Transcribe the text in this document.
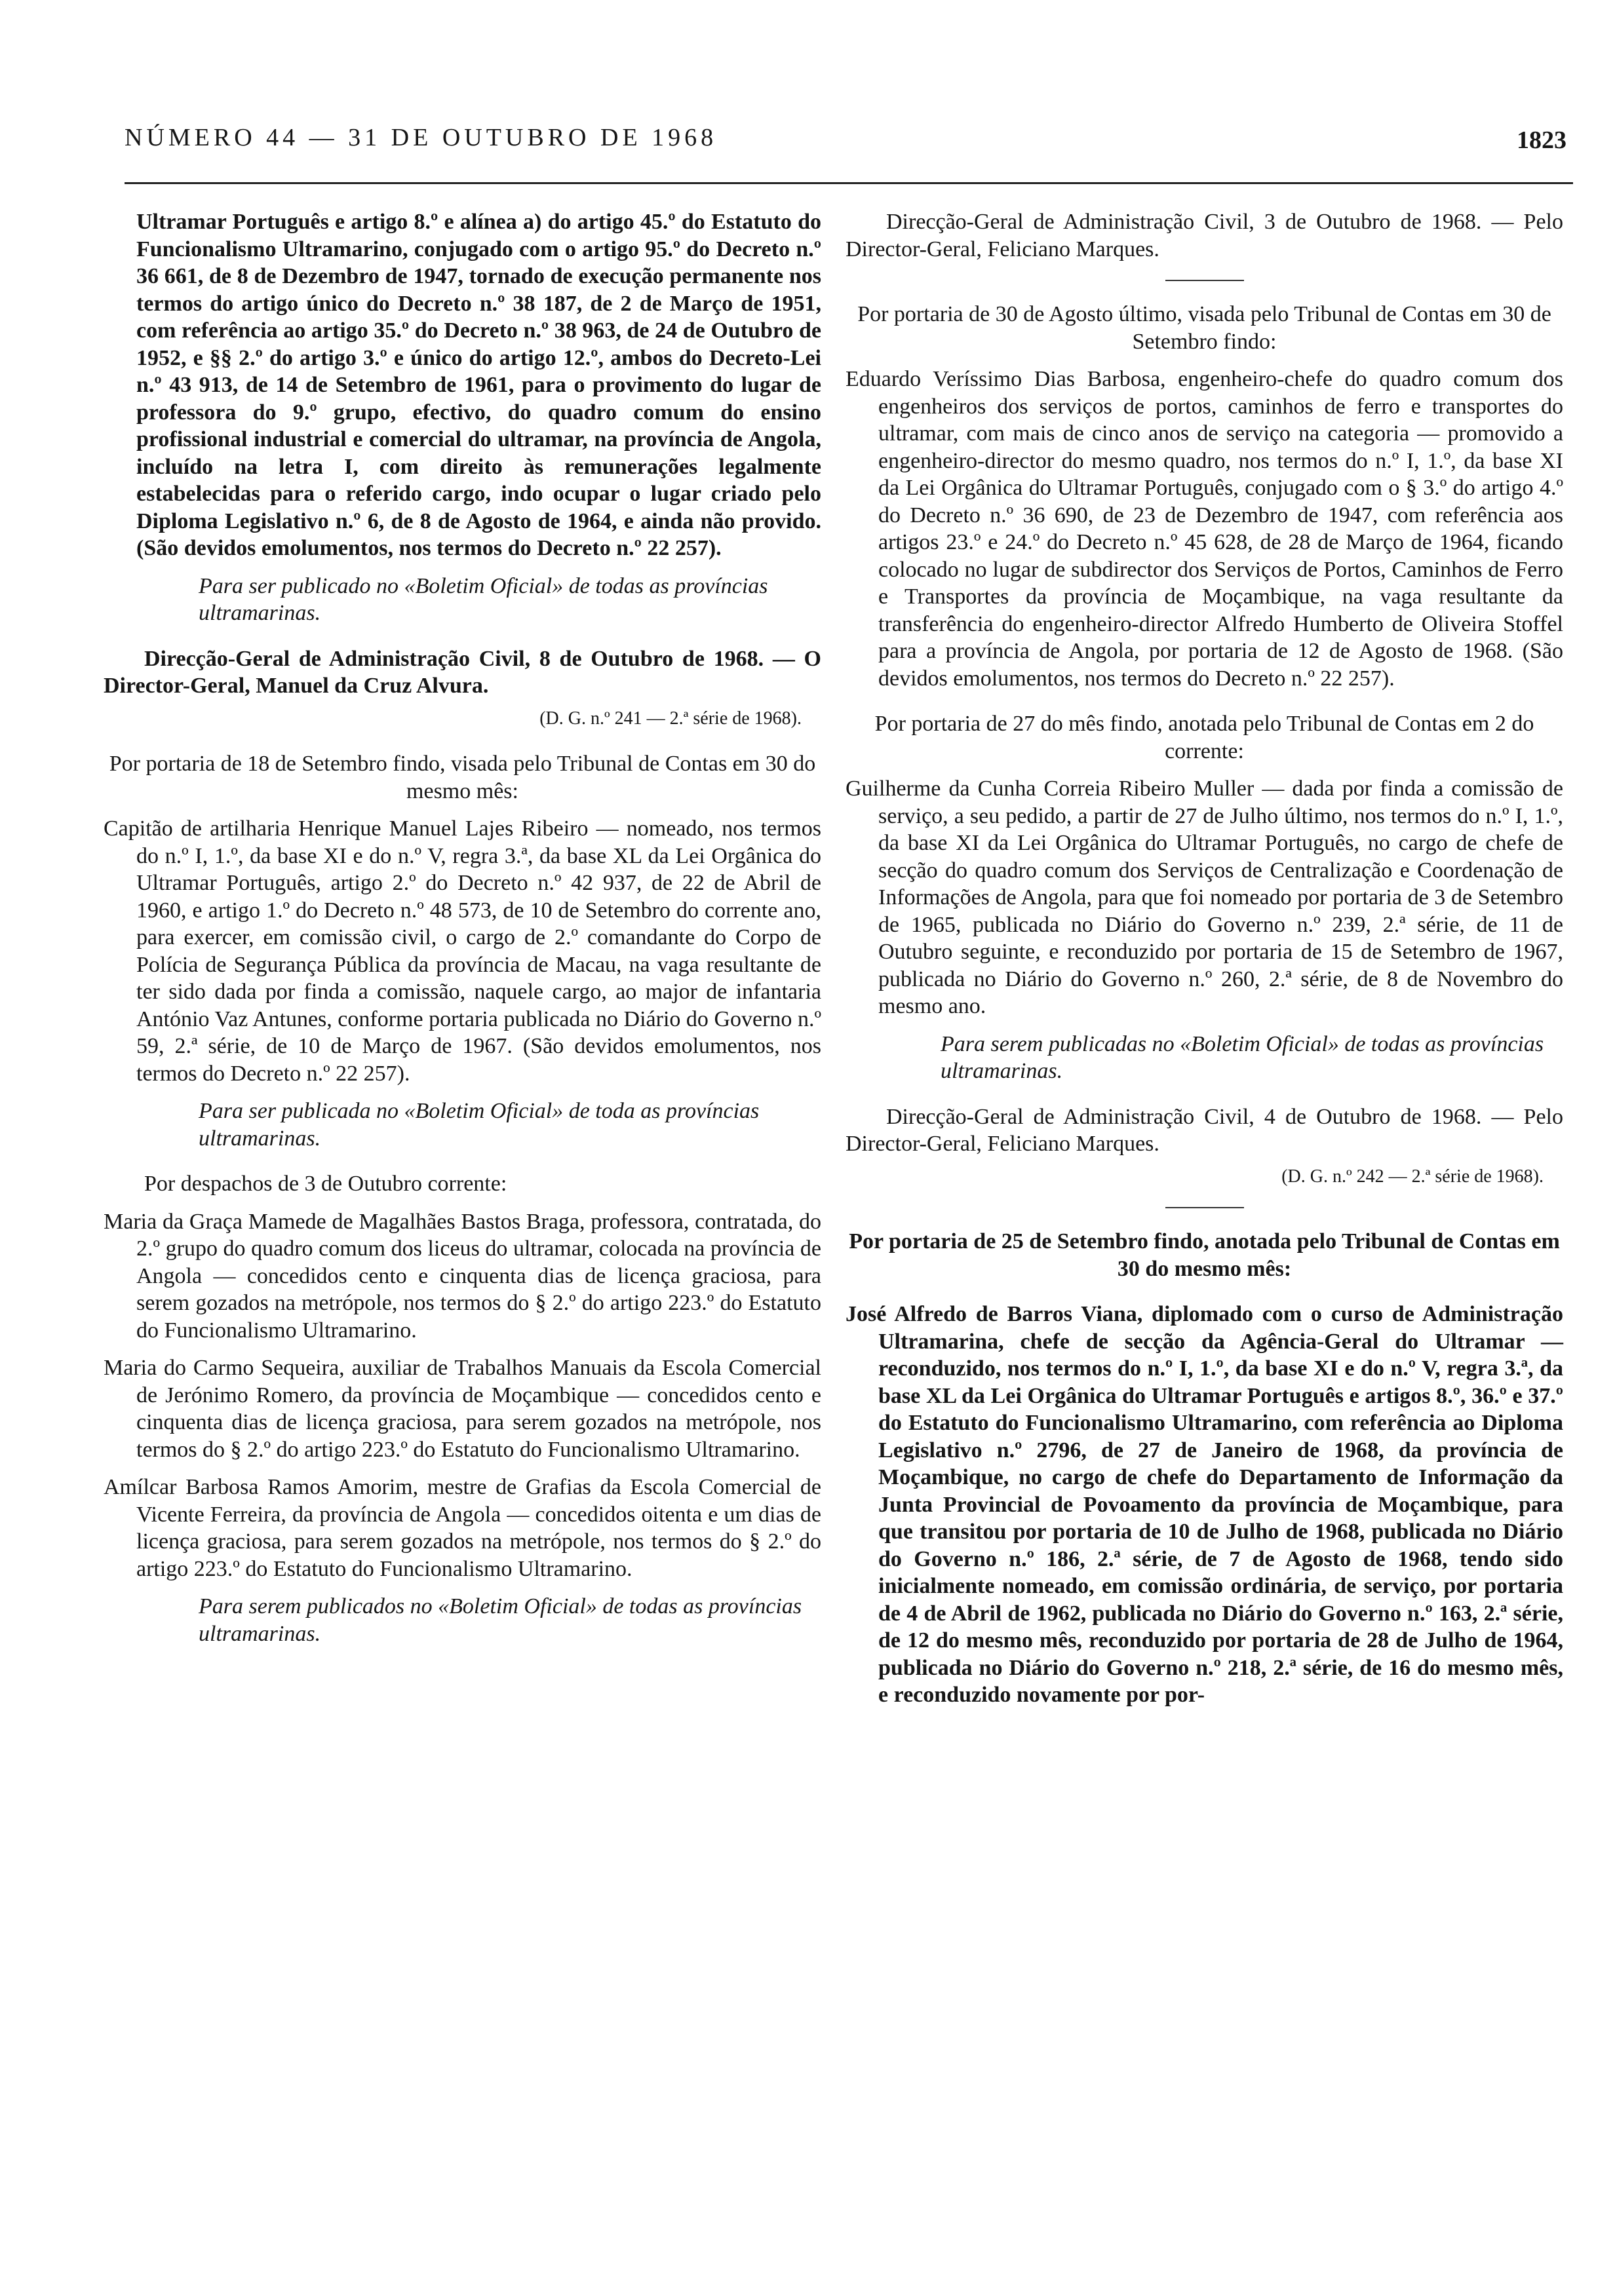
NÚMERO 44 — 31 DE OUTUBRO DE 1968	1823

Ultramar Português e artigo 8.º e alínea a) do artigo 45.º do Estatuto do Funcionalismo Ultramarino, conjugado com o artigo 95.º do Decreto n.º 36 661, de 8 de Dezembro de 1947, tornado de execução permanente nos termos do artigo único do Decreto n.º 38 187, de 2 de Março de 1951, com referência ao artigo 35.º do Decreto n.º 38 963, de 24 de Outubro de 1952, e §§ 2.º do artigo 3.º e único do artigo 12.º, ambos do Decreto-Lei n.º 43 913, de 14 de Setembro de 1961, para o provimento do lugar de professora do 9.º grupo, efectivo, do quadro comum do ensino profissional industrial e comercial do ultramar, na província de Angola, incluído na letra I, com direito às remunerações legalmente estabelecidas para o referido cargo, indo ocupar o lugar criado pelo Diploma Legislativo n.º 6, de 8 de Agosto de 1964, e ainda não provido. (São devidos emolumentos, nos termos do Decreto n.º 22 257).

Para ser publicado no «Boletim Oficial» de todas as províncias ultramarinas.

Direcção-Geral de Administração Civil, 8 de Outubro de 1968. — O Director-Geral, Manuel da Cruz Alvura.

(D. G. n.º 241 — 2.ª série de 1968).

Por portaria de 18 de Setembro findo, visada pelo Tribunal de Contas em 30 do mesmo mês:

Capitão de artilharia Henrique Manuel Lajes Ribeiro — nomeado, nos termos do n.º I, 1.º, da base XI e do n.º V, regra 3.ª, da base XL da Lei Orgânica do Ultramar Português, artigo 2.º do Decreto n.º 42 937, de 22 de Abril de 1960, e artigo 1.º do Decreto n.º 48 573, de 10 de Setembro do corrente ano, para exercer, em comissão civil, o cargo de 2.º comandante do Corpo de Polícia de Segurança Pública da província de Macau, na vaga resultante de ter sido dada por finda a comissão, naquele cargo, ao major de infantaria António Vaz Antunes, conforme portaria publicada no Diário do Governo n.º 59, 2.ª série, de 10 de Março de 1967. (São devidos emolumentos, nos termos do Decreto n.º 22 257).

Para ser publicada no «Boletim Oficial» de toda as províncias ultramarinas.

Por despachos de 3 de Outubro corrente:

Maria da Graça Mamede de Magalhães Bastos Braga, professora, contratada, do 2.º grupo do quadro comum dos liceus do ultramar, colocada na província de Angola — concedidos cento e cinquenta dias de licença graciosa, para serem gozados na metrópole, nos termos do § 2.º do artigo 223.º do Estatuto do Funcionalismo Ultramarino.

Maria do Carmo Sequeira, auxiliar de Trabalhos Manuais da Escola Comercial de Jerónimo Romero, da província de Moçambique — concedidos cento e cinquenta dias de licença graciosa, para serem gozados na metrópole, nos termos do § 2.º do artigo 223.º do Estatuto do Funcionalismo Ultramarino.

Amílcar Barbosa Ramos Amorim, mestre de Grafias da Escola Comercial de Vicente Ferreira, da província de Angola — concedidos oitenta e um dias de licença graciosa, para serem gozados na metrópole, nos termos do § 2.º do artigo 223.º do Estatuto do Funcionalismo Ultramarino.

Para serem publicados no «Boletim Oficial» de todas as províncias ultramarinas.

Direcção-Geral de Administração Civil, 3 de Outubro de 1968. — Pelo Director-Geral, Feliciano Marques.

Por portaria de 30 de Agosto último, visada pelo Tribunal de Contas em 30 de Setembro findo:

Eduardo Veríssimo Dias Barbosa, engenheiro-chefe do quadro comum dos engenheiros dos serviços de portos, caminhos de ferro e transportes do ultramar, com mais de cinco anos de serviço na categoria — promovido a engenheiro-director do mesmo quadro, nos termos do n.º I, 1.º, da base XI da Lei Orgânica do Ultramar Português, conjugado com o § 3.º do artigo 4.º do Decreto n.º 36 690, de 23 de Dezembro de 1947, com referência aos artigos 23.º e 24.º do Decreto n.º 45 628, de 28 de Março de 1964, ficando colocado no lugar de subdirector dos Serviços de Portos, Caminhos de Ferro e Transportes da província de Moçambique, na vaga resultante da transferência do engenheiro-director Alfredo Humberto de Oliveira Stoffel para a província de Angola, por portaria de 12 de Agosto de 1968. (São devidos emolumentos, nos termos do Decreto n.º 22 257).

Por portaria de 27 do mês findo, anotada pelo Tribunal de Contas em 2 do corrente:

Guilherme da Cunha Correia Ribeiro Muller — dada por finda a comissão de serviço, a seu pedido, a partir de 27 de Julho último, nos termos do n.º I, 1.º, da base XI da Lei Orgânica do Ultramar Português, no cargo de chefe de secção do quadro comum dos Serviços de Centralização e Coordenação de Informações de Angola, para que foi nomeado por portaria de 3 de Setembro de 1965, publicada no Diário do Governo n.º 239, 2.ª série, de 11 de Outubro seguinte, e reconduzido por portaria de 15 de Setembro de 1967, publicada no Diário do Governo n.º 260, 2.ª série, de 8 de Novembro do mesmo ano.

Para serem publicadas no «Boletim Oficial» de todas as províncias ultramarinas.

Direcção-Geral de Administração Civil, 4 de Outubro de 1968. — Pelo Director-Geral, Feliciano Marques.

(D. G. n.º 242 — 2.ª série de 1968).

Por portaria de 25 de Setembro findo, anotada pelo Tribunal de Contas em 30 do mesmo mês:

José Alfredo de Barros Viana, diplomado com o curso de Administração Ultramarina, chefe de secção da Agência-Geral do Ultramar — reconduzido, nos termos do n.º I, 1.º, da base XI e do n.º V, regra 3.ª, da base XL da Lei Orgânica do Ultramar Português e artigos 8.º, 36.º e 37.º do Estatuto do Funcionalismo Ultramarino, com referência ao Diploma Legislativo n.º 2796, de 27 de Janeiro de 1968, da província de Moçambique, no cargo de chefe do Departamento de Informação da Junta Provincial de Povoamento da província de Moçambique, para que transitou por portaria de 10 de Julho de 1968, publicada no Diário do Governo n.º 186, 2.ª série, de 7 de Agosto de 1968, tendo sido inicialmente nomeado, em comissão ordinária, de serviço, por portaria de 4 de Abril de 1962, publicada no Diário do Governo n.º 163, 2.ª série, de 12 do mesmo mês, reconduzido por portaria de 28 de Julho de 1964, publicada no Diário do Governo n.º 218, 2.ª série, de 16 do mesmo mês, e reconduzido novamente por por-
